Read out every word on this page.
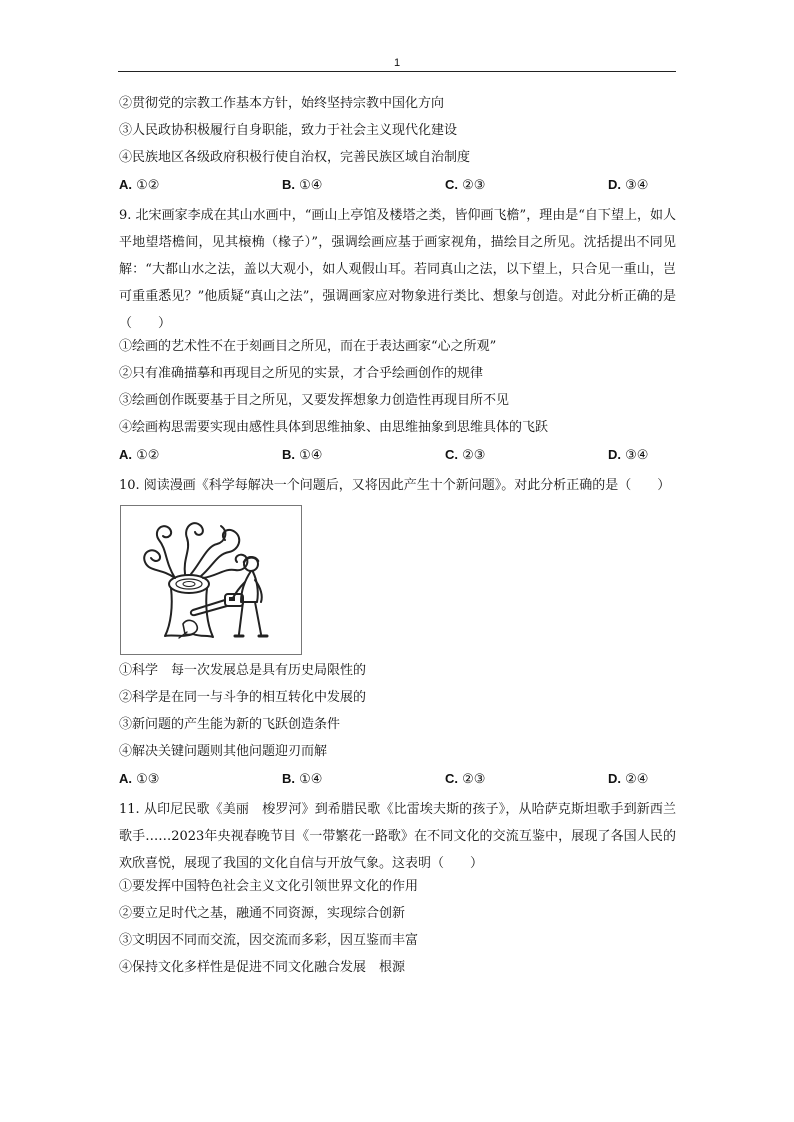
1
②贯彻党的宗教工作基本方针，始终坚持宗教中国化方向
③人民政协积极履行自身职能，致力于社会主义现代化建设
④民族地区各级政府积极行使自治权，完善民族区域自治制度
A. ①②	B. ①④	C. ②③	D. ③④

9. 北宋画家李成在其山水画中，“画山上亭馆及楼塔之类，皆仰画飞檐”，理由是“自下望上，如人平地望塔檐间，见其榱桷（椽子）”，强调绘画应基于画家视角，描绘目之所见。沈括提出不同见解：“大都山水之法，盖以大观小，如人观假山耳。若同真山之法，以下望上，只合见一重山，岂可重重悉见？”他质疑“真山之法”，强调画家应对物象进行类比、想象与创造。对此分析正确的是（　　）

①绘画的艺术性不在于刻画目之所见，而在于表达画家“心之所观”
②只有准确描摹和再现目之所见的实景，才合乎绘画创作的规律
③绘画创作既要基于目之所见，又要发挥想象力创造性再现目所不见
④绘画构思需要实现由感性具体到思维抽象、由思维抽象到思维具体的飞跃
A. ①②	B. ①④	C. ②③	D. ③④

10. 阅读漫画《科学每解决一个问题后，又将因此产生十个新问题》。对此分析正确的是（　　）

①科学　每一次发展总是具有历史局限性的
②科学是在同一与斗争的相互转化中发展的
③新问题的产生能为新的飞跃创造条件
④解决关键问题则其他问题迎刃而解
A. ①③	B. ①④	C. ②③	D. ②④

11. 从印尼民歌《美丽　梭罗河》到希腊民歌《比雷埃夫斯的孩子》，从哈萨克斯坦歌手到新西兰歌手……2023年央视春晚节目《一带繁花一路歌》在不同文化的交流互鉴中，展现了各国人民的欢欣喜悦，展现了我国的文化自信与开放气象。这表明（　　）

①要发挥中国特色社会主义文化引领世界文化的作用
②要立足时代之基，融通不同资源，实现综合创新
③文明因不同而交流，因交流而多彩，因互鉴而丰富
④保持文化多样性是促进不同文化融合发展　根源
